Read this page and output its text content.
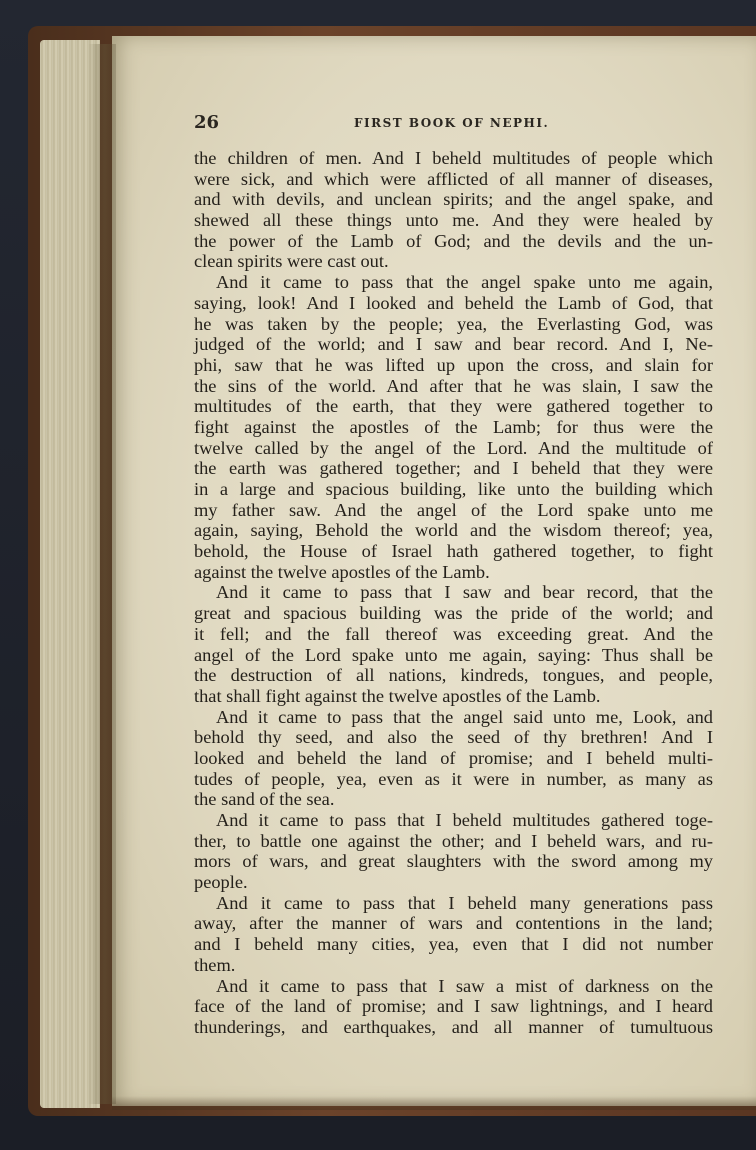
26	FIRST BOOK OF NEPHI.
the children of men. And I beheld multitudes of people which
were sick, and which were afflicted of all manner of diseases,
and with devils, and unclean spirits; and the angel spake, and
shewed all these things unto me. And they were healed by
the power of the Lamb of God; and the devils and the un-
clean spirits were cast out.
And it came to pass that the angel spake unto me again,
saying, look! And I looked and beheld the Lamb of God, that
he was taken by the people; yea, the Everlasting God, was
judged of the world; and I saw and bear record. And I, Ne-
phi, saw that he was lifted up upon the cross, and slain for
the sins of the world. And after that he was slain, I saw the
multitudes of the earth, that they were gathered together to
fight against the apostles of the Lamb; for thus were the
twelve called by the angel of the Lord. And the multitude of
the earth was gathered together; and I beheld that they were
in a large and spacious building, like unto the building which
my father saw. And the angel of the Lord spake unto me
again, saying, Behold the world and the wisdom thereof; yea,
behold, the House of Israel hath gathered together, to fight
against the twelve apostles of the Lamb.
And it came to pass that I saw and bear record, that the
great and spacious building was the pride of the world; and
it fell; and the fall thereof was exceeding great. And the
angel of the Lord spake unto me again, saying: Thus shall be
the destruction of all nations, kindreds, tongues, and people,
that shall fight against the twelve apostles of the Lamb.
And it came to pass that the angel said unto me, Look, and
behold thy seed, and also the seed of thy brethren! And I
looked and beheld the land of promise; and I beheld multi-
tudes of people, yea, even as it were in number, as many as
the sand of the sea.
And it came to pass that I beheld multitudes gathered toge-
ther, to battle one against the other; and I beheld wars, and ru-
mors of wars, and great slaughters with the sword among my
people.
And it came to pass that I beheld many generations pass
away, after the manner of wars and contentions in the land;
and I beheld many cities, yea, even that I did not number
them.
And it came to pass that I saw a mist of darkness on the
face of the land of promise; and I saw lightnings, and I heard
thunderings, and earthquakes, and all manner of tumultuous
